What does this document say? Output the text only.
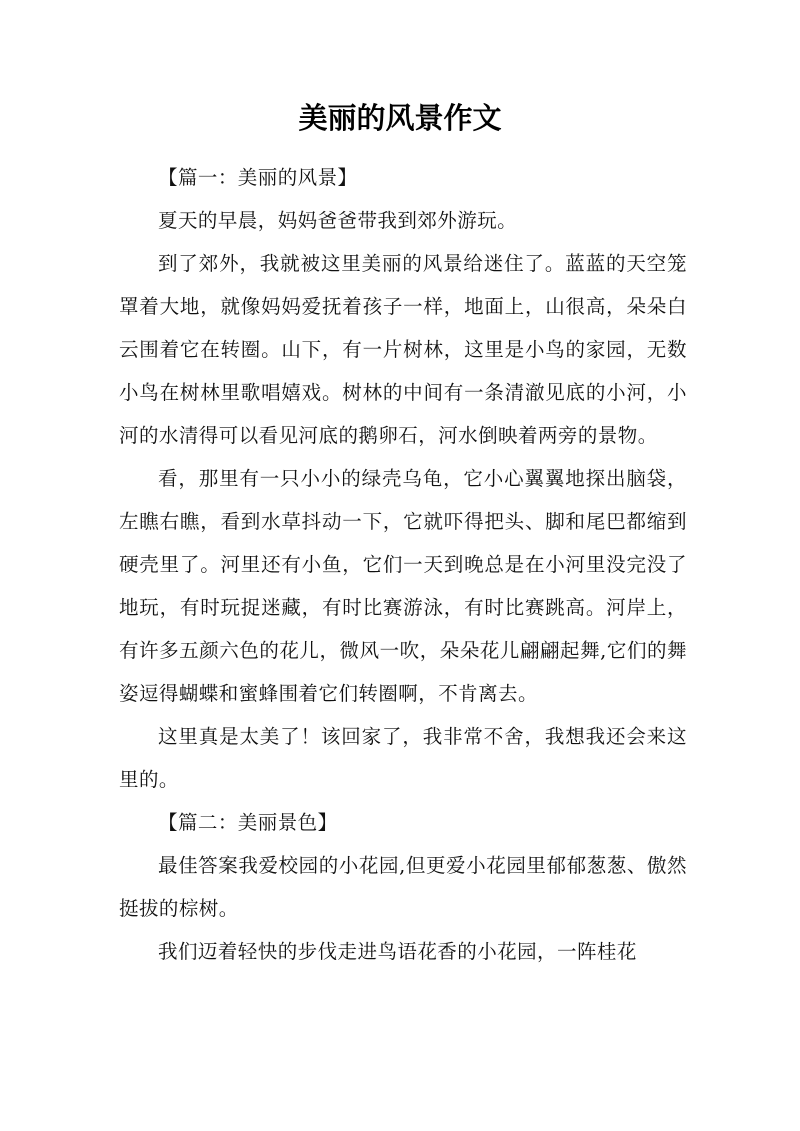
美丽的风景作文

【篇一：美丽的风景】

夏天的早晨，妈妈爸爸带我到郊外游玩。

到了郊外，我就被这里美丽的风景给迷住了。蓝蓝的天空笼罩着大地，就像妈妈爱抚着孩子一样，地面上，山很高，朵朵白云围着它在转圈。山下，有一片树林，这里是小鸟的家园，无数小鸟在树林里歌唱嬉戏。树林的中间有一条清澈见底的小河，小河的水清得可以看见河底的鹅卵石，河水倒映着两旁的景物。

看，那里有一只小小的绿壳乌龟，它小心翼翼地探出脑袋，左瞧右瞧，看到水草抖动一下，它就吓得把头、脚和尾巴都缩到硬壳里了。河里还有小鱼，它们一天到晚总是在小河里没完没了地玩，有时玩捉迷藏，有时比赛游泳，有时比赛跳高。河岸上，有许多五颜六色的花儿，微风一吹，朵朵花儿翩翩起舞,它们的舞姿逗得蝴蝶和蜜蜂围着它们转圈啊，不肯离去。

这里真是太美了！该回家了，我非常不舍，我想我还会来这里的。

【篇二：美丽景色】

最佳答案我爱校园的小花园,但更爱小花园里郁郁葱葱、傲然挺拔的棕树。

我们迈着轻快的步伐走进鸟语花香的小花园，一阵桂花
